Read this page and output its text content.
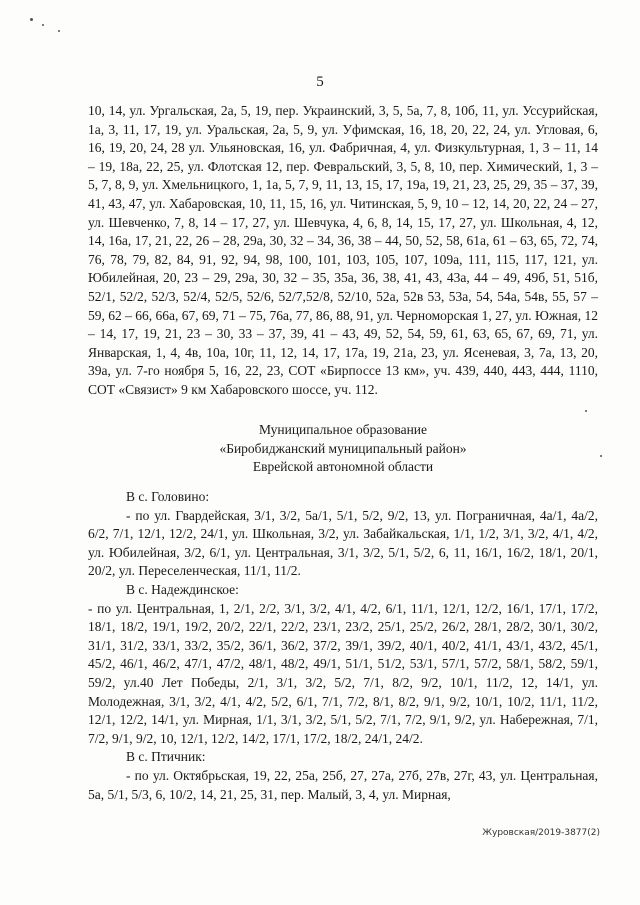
5

10, 14, ул. Ургальская, 2а, 5, 19, пер. Украинский, 3, 5, 5а, 7, 8, 10б, 11, ул. Уссурийская, 1а, 3, 11, 17, 19, ул. Уральская, 2а, 5, 9, ул. Уфимская, 16, 18, 20, 22, 24, ул. Угловая, 6, 16, 19, 20, 24, 28 ул. Ульяновская, 16, ул. Фабричная, 4, ул. Физкультурная, 1, 3 – 11, 14 – 19, 18а, 22, 25, ул. Флотская 12, пер. Февральский, 3, 5, 8, 10, пер. Химический, 1, 3 –5, 7, 8, 9, ул. Хмельницкого, 1, 1а, 5, 7, 9, 11, 13, 15, 17, 19а, 19, 21, 23, 25, 29, 35 – 37, 39, 41, 43, 47, ул. Хабаровская, 10, 11, 15, 16, ул. Читинская, 5, 9, 10 – 12, 14, 20, 22, 24 – 27, ул. Шевченко, 7, 8, 14 – 17, 27, ул. Шевчука, 4, 6, 8, 14, 15, 17, 27, ул. Школьная, 4, 12, 14, 16а, 17, 21, 22, 26 – 28, 29а, 30, 32 – 34, 36, 38 – 44, 50, 52, 58, 61а, 61 – 63, 65, 72, 74, 76, 78, 79, 82, 84, 91, 92, 94, 98, 100, 101, 103, 105, 107, 109а, 111, 115, 117, 121, ул. Юбилейная, 20, 23 – 29, 29а, 30, 32 – 35, 35а, 36, 38, 41, 43, 43а, 44 – 49, 49б, 51, 51б, 52/1, 52/2, 52/3, 52/4, 52/5, 52/6, 52/7,52/8, 52/10, 52а, 52в 53, 53а, 54, 54а, 54в, 55, 57 – 59, 62 – 66, 66а, 67, 69, 71 – 75, 76а, 77, 86, 88, 91, ул. Черноморская 1, 27, ул. Южная, 12 – 14, 17, 19, 21, 23 – 30, 33 – 37, 39, 41 – 43, 49, 52, 54, 59, 61, 63, 65, 67, 69, 71, ул. Январская, 1, 4, 4в, 10а, 10г, 11, 12, 14, 17, 17а, 19, 21а, 23, ул. Ясеневая, 3, 7а, 13, 20, 39а, ул. 7-го ноября 5, 16, 22, 23, СОТ «Бирпоссе 13 км», уч. 439, 440, 443, 444, 1110, СОТ «Связист» 9 км Хабаровского шоссе, уч. 112.

Муниципальное образование
«Биробиджанский муниципальный район»
Еврейской автономной области

В с. Головино:

- по ул. Гвардейская, 3/1, 3/2, 5а/1, 5/1, 5/2, 9/2, 13, ул. Пограничная, 4а/1, 4а/2, 6/2, 7/1, 12/1, 12/2, 24/1, ул. Школьная, 3/2, ул. Забайкальская, 1/1, 1/2, 3/1, 3/2, 4/1, 4/2, ул. Юбилейная, 3/2, 6/1, ул. Центральная, 3/1, 3/2, 5/1, 5/2, 6, 11, 16/1, 16/2, 18/1, 20/1, 20/2, ул. Переселенческая, 11/1, 11/2.

В с. Надеждинское:

- по ул. Центральная, 1, 2/1, 2/2, 3/1, 3/2, 4/1, 4/2, 6/1, 11/1, 12/1, 12/2, 16/1, 17/1, 17/2, 18/1, 18/2, 19/1, 19/2, 20/2, 22/1, 22/2, 23/1, 23/2, 25/1, 25/2, 26/2, 28/1, 28/2, 30/1, 30/2, 31/1, 31/2, 33/1, 33/2, 35/2, 36/1, 36/2, 37/2, 39/1, 39/2, 40/1, 40/2, 41/1, 43/1, 43/2, 45/1, 45/2, 46/1, 46/2, 47/1, 47/2, 48/1, 48/2, 49/1, 51/1, 51/2, 53/1, 57/1, 57/2, 58/1, 58/2, 59/1, 59/2, ул.40 Лет Победы, 2/1, 3/1, 3/2, 5/2, 7/1, 8/2, 9/2, 10/1, 11/2, 12, 14/1, ул. Молодежная, 3/1, 3/2, 4/1, 4/2, 5/2, 6/1, 7/1, 7/2, 8/1, 8/2, 9/1, 9/2, 10/1, 10/2, 11/1, 11/2, 12/1, 12/2, 14/1, ул. Мирная, 1/1, 3/1, 3/2, 5/1, 5/2, 7/1, 7/2, 9/1, 9/2, ул. Набережная, 7/1, 7/2, 9/1, 9/2, 10, 12/1, 12/2, 14/2, 17/1, 17/2, 18/2, 24/1, 24/2.

В с. Птичник:

- по ул. Октябрьская, 19, 22, 25а, 25б, 27, 27а, 27б, 27в, 27г, 43, ул. Центральная, 5а, 5/1, 5/3, 6, 10/2, 14, 21, 25, 31, пер. Малый, 3, 4, ул. Мирная,

Журовская/2019-3877(2)
